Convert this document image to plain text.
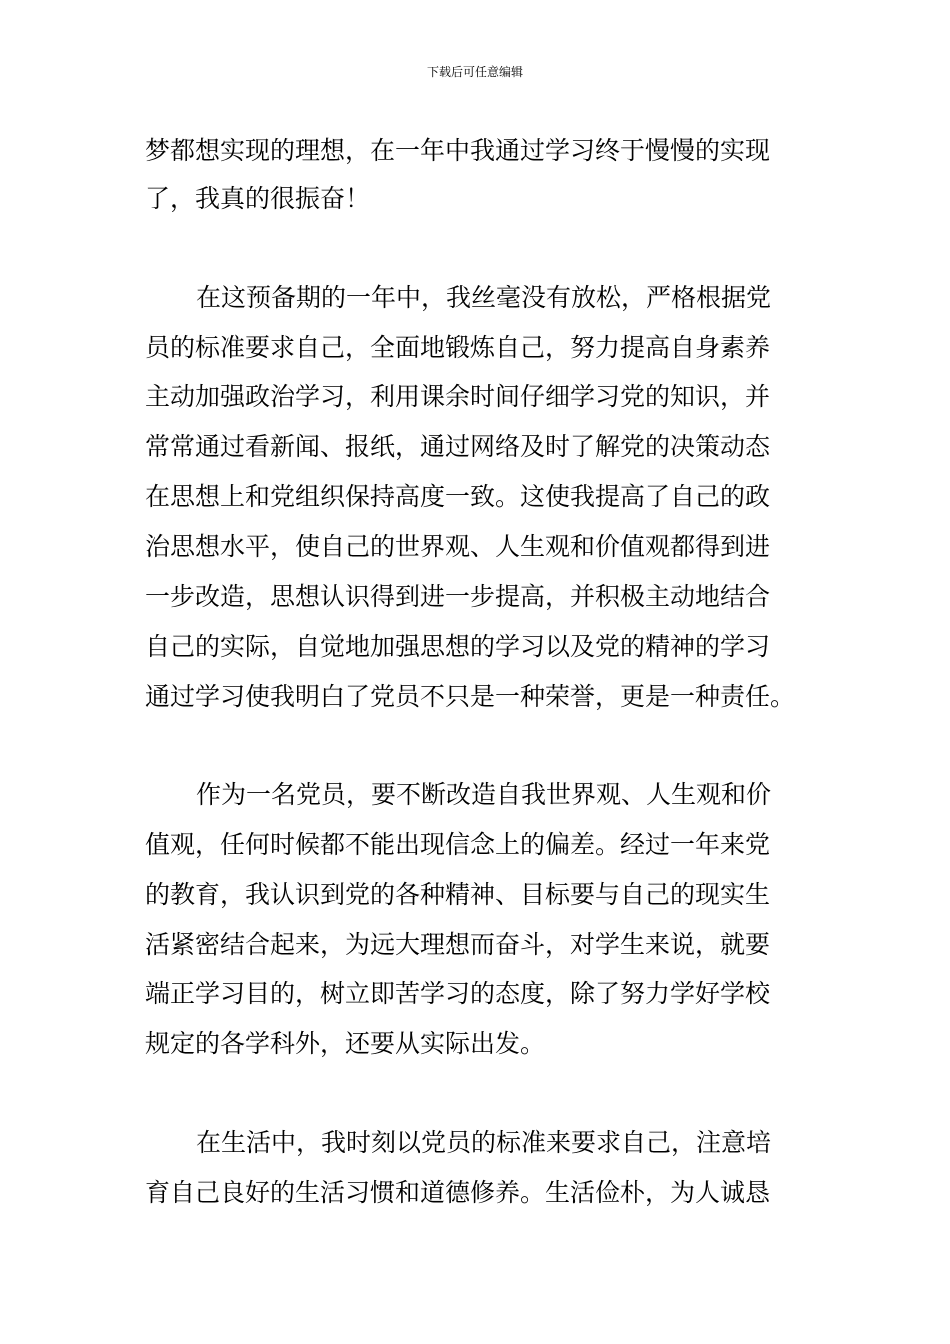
下载后可任意编辑
梦都想实现的理想，在一年中我通过学习终于慢慢的实现
了，我真的很振奋！
在这预备期的一年中，我丝毫没有放松，严格根据党
员的标准要求自己，全面地锻炼自己，努力提高自身素养
主动加强政治学习，利用课余时间仔细学习党的知识，并
常常通过看新闻、报纸，通过网络及时了解党的决策动态
在思想上和党组织保持高度一致。这使我提高了自己的政
治思想水平，使自己的世界观、人生观和价值观都得到进
一步改造，思想认识得到进一步提高，并积极主动地结合
自己的实际，自觉地加强思想的学习以及党的精神的学习
通过学习使我明白了党员不只是一种荣誉，更是一种责任。
作为一名党员，要不断改造自我世界观、人生观和价
值观，任何时候都不能出现信念上的偏差。经过一年来党
的教育，我认识到党的各种精神、目标要与自己的现实生
活紧密结合起来，为远大理想而奋斗，对学生来说，就要
端正学习目的，树立即苦学习的态度，除了努力学好学校
规定的各学科外，还要从实际出发。
在生活中，我时刻以党员的标准来要求自己，注意培
育自己良好的生活习惯和道德修养。生活俭朴，为人诚恳
